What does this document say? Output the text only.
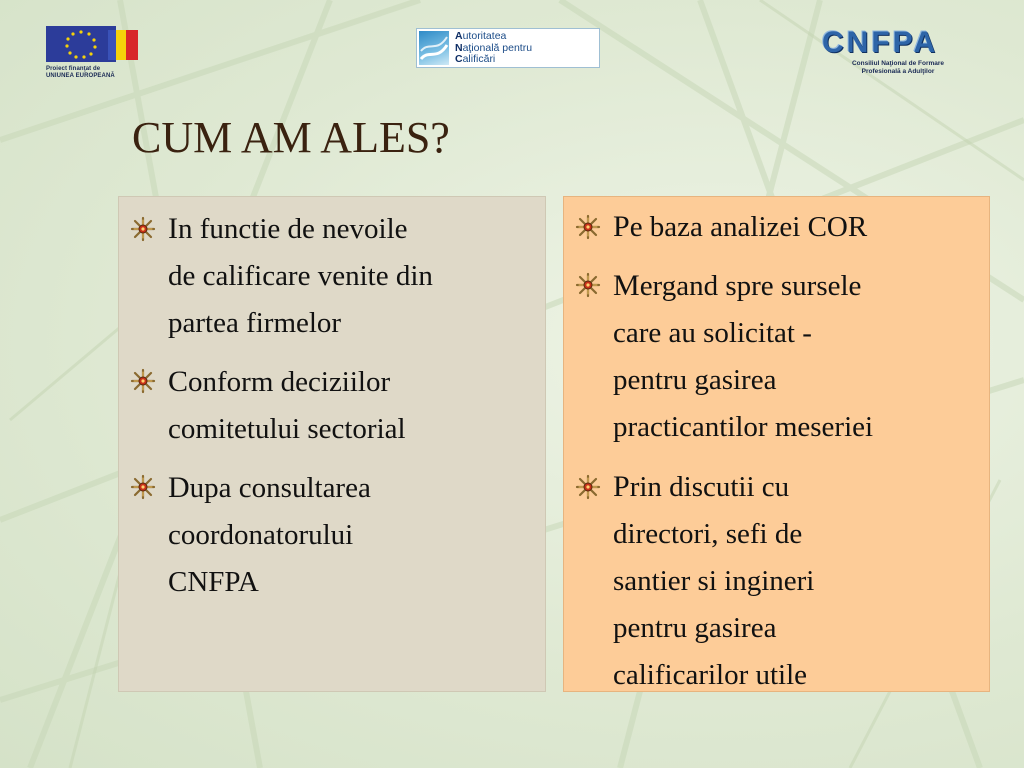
Proiect finanţat de
UNIUNEA EUROPEANĂ
Autoritatea
Naţională pentru
Calificări	CNFPA
Consiliul Naţional de Formare
Profesională a Adulţilor
CUM AM ALES?
In functie de nevoile
de calificare venite din
partea firmelor
Conform deciziilor
comitetului sectorial
Dupa consultarea
coordonatorului
CNFPA
Pe baza analizei COR
Mergand spre sursele
care au solicitat -
pentru gasirea
practicantilor meseriei
Prin discutii cu
directori, sefi de
santier si ingineri
pentru gasirea
calificarilor utile
